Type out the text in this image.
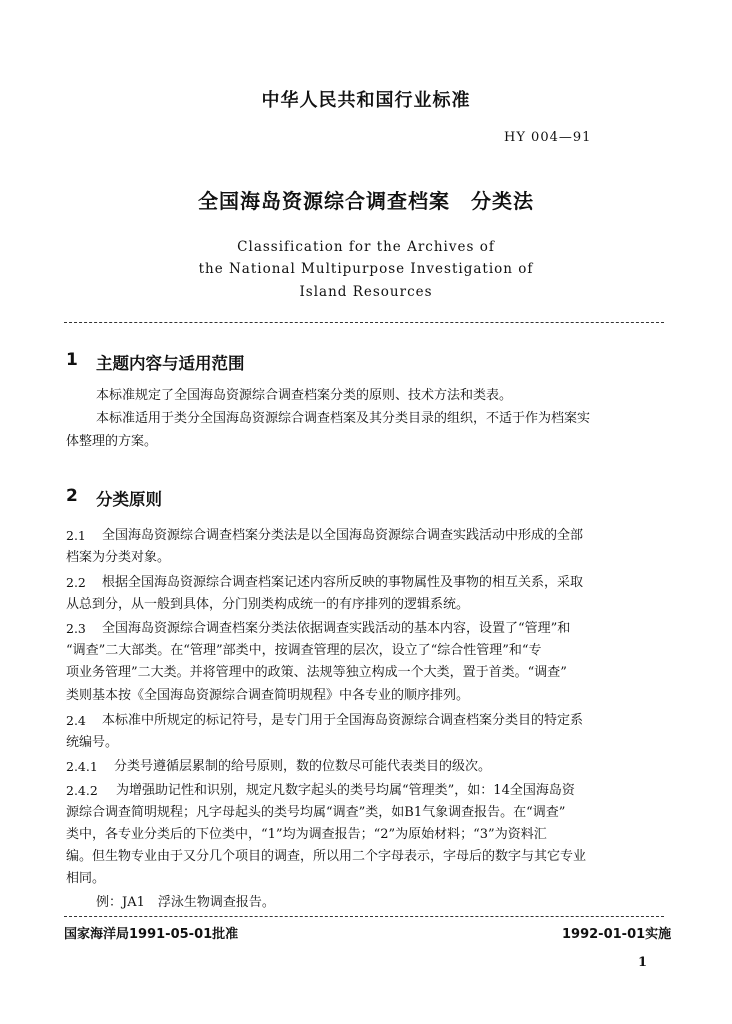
中华人民共和国行业标准
HY 004—91
全国海岛资源综合调查档案　分类法
Classification for the Archives of
the National Multipurpose Investigation of
Island Resources
1 主题内容与适用范围
本标准规定了全国海岛资源综合调查档案分类的原则、技术方法和类表。
本标准适用于类分全国海岛资源综合调查档案及其分类目录的组织，不适于作为档案实
体整理的方案。
2 分类原则
2.1 全国海岛资源综合调查档案分类法是以全国海岛资源综合调查实践活动中形成的全部
档案为分类对象。
2.2 根据全国海岛资源综合调查档案记述内容所反映的事物属性及事物的相互关系，采取
从总到分，从一般到具体，分门别类构成统一的有序排列的逻辑系统。
2.3 全国海岛资源综合调查档案分类法依据调查实践活动的基本内容，设置了“管理”和
“调查”二大部类。在“管理”部类中，按调查管理的层次，设立了“综合性管理”和“专
项业务管理”二大类。并将管理中的政策、法规等独立构成一个大类，置于首类。“调查”
类则基本按《全国海岛资源综合调查简明规程》中各专业的顺序排列。
2.4 本标准中所规定的标记符号，是专门用于全国海岛资源综合调查档案分类目的特定系
统编号。
2.4.1 分类号遵循层累制的给号原则，数的位数尽可能代表类目的级次。
2.4.2 为增强助记性和识别，规定凡数字起头的类号均属“管理类”，如：14全国海岛资
源综合调查简明规程；凡字母起头的类号均属“调查”类，如B1气象调查报告。在“调查”
类中，各专业分类后的下位类中，“1”均为调查报告；“2”为原始材料；“3”为资料汇
编。但生物专业由于又分几个项目的调查，所以用二个字母表示，字母后的数字与其它专业
相同。
例：JA1　浮泳生物调查报告。
国家海洋局1991-05-01批准	1992-01-01实施
1
